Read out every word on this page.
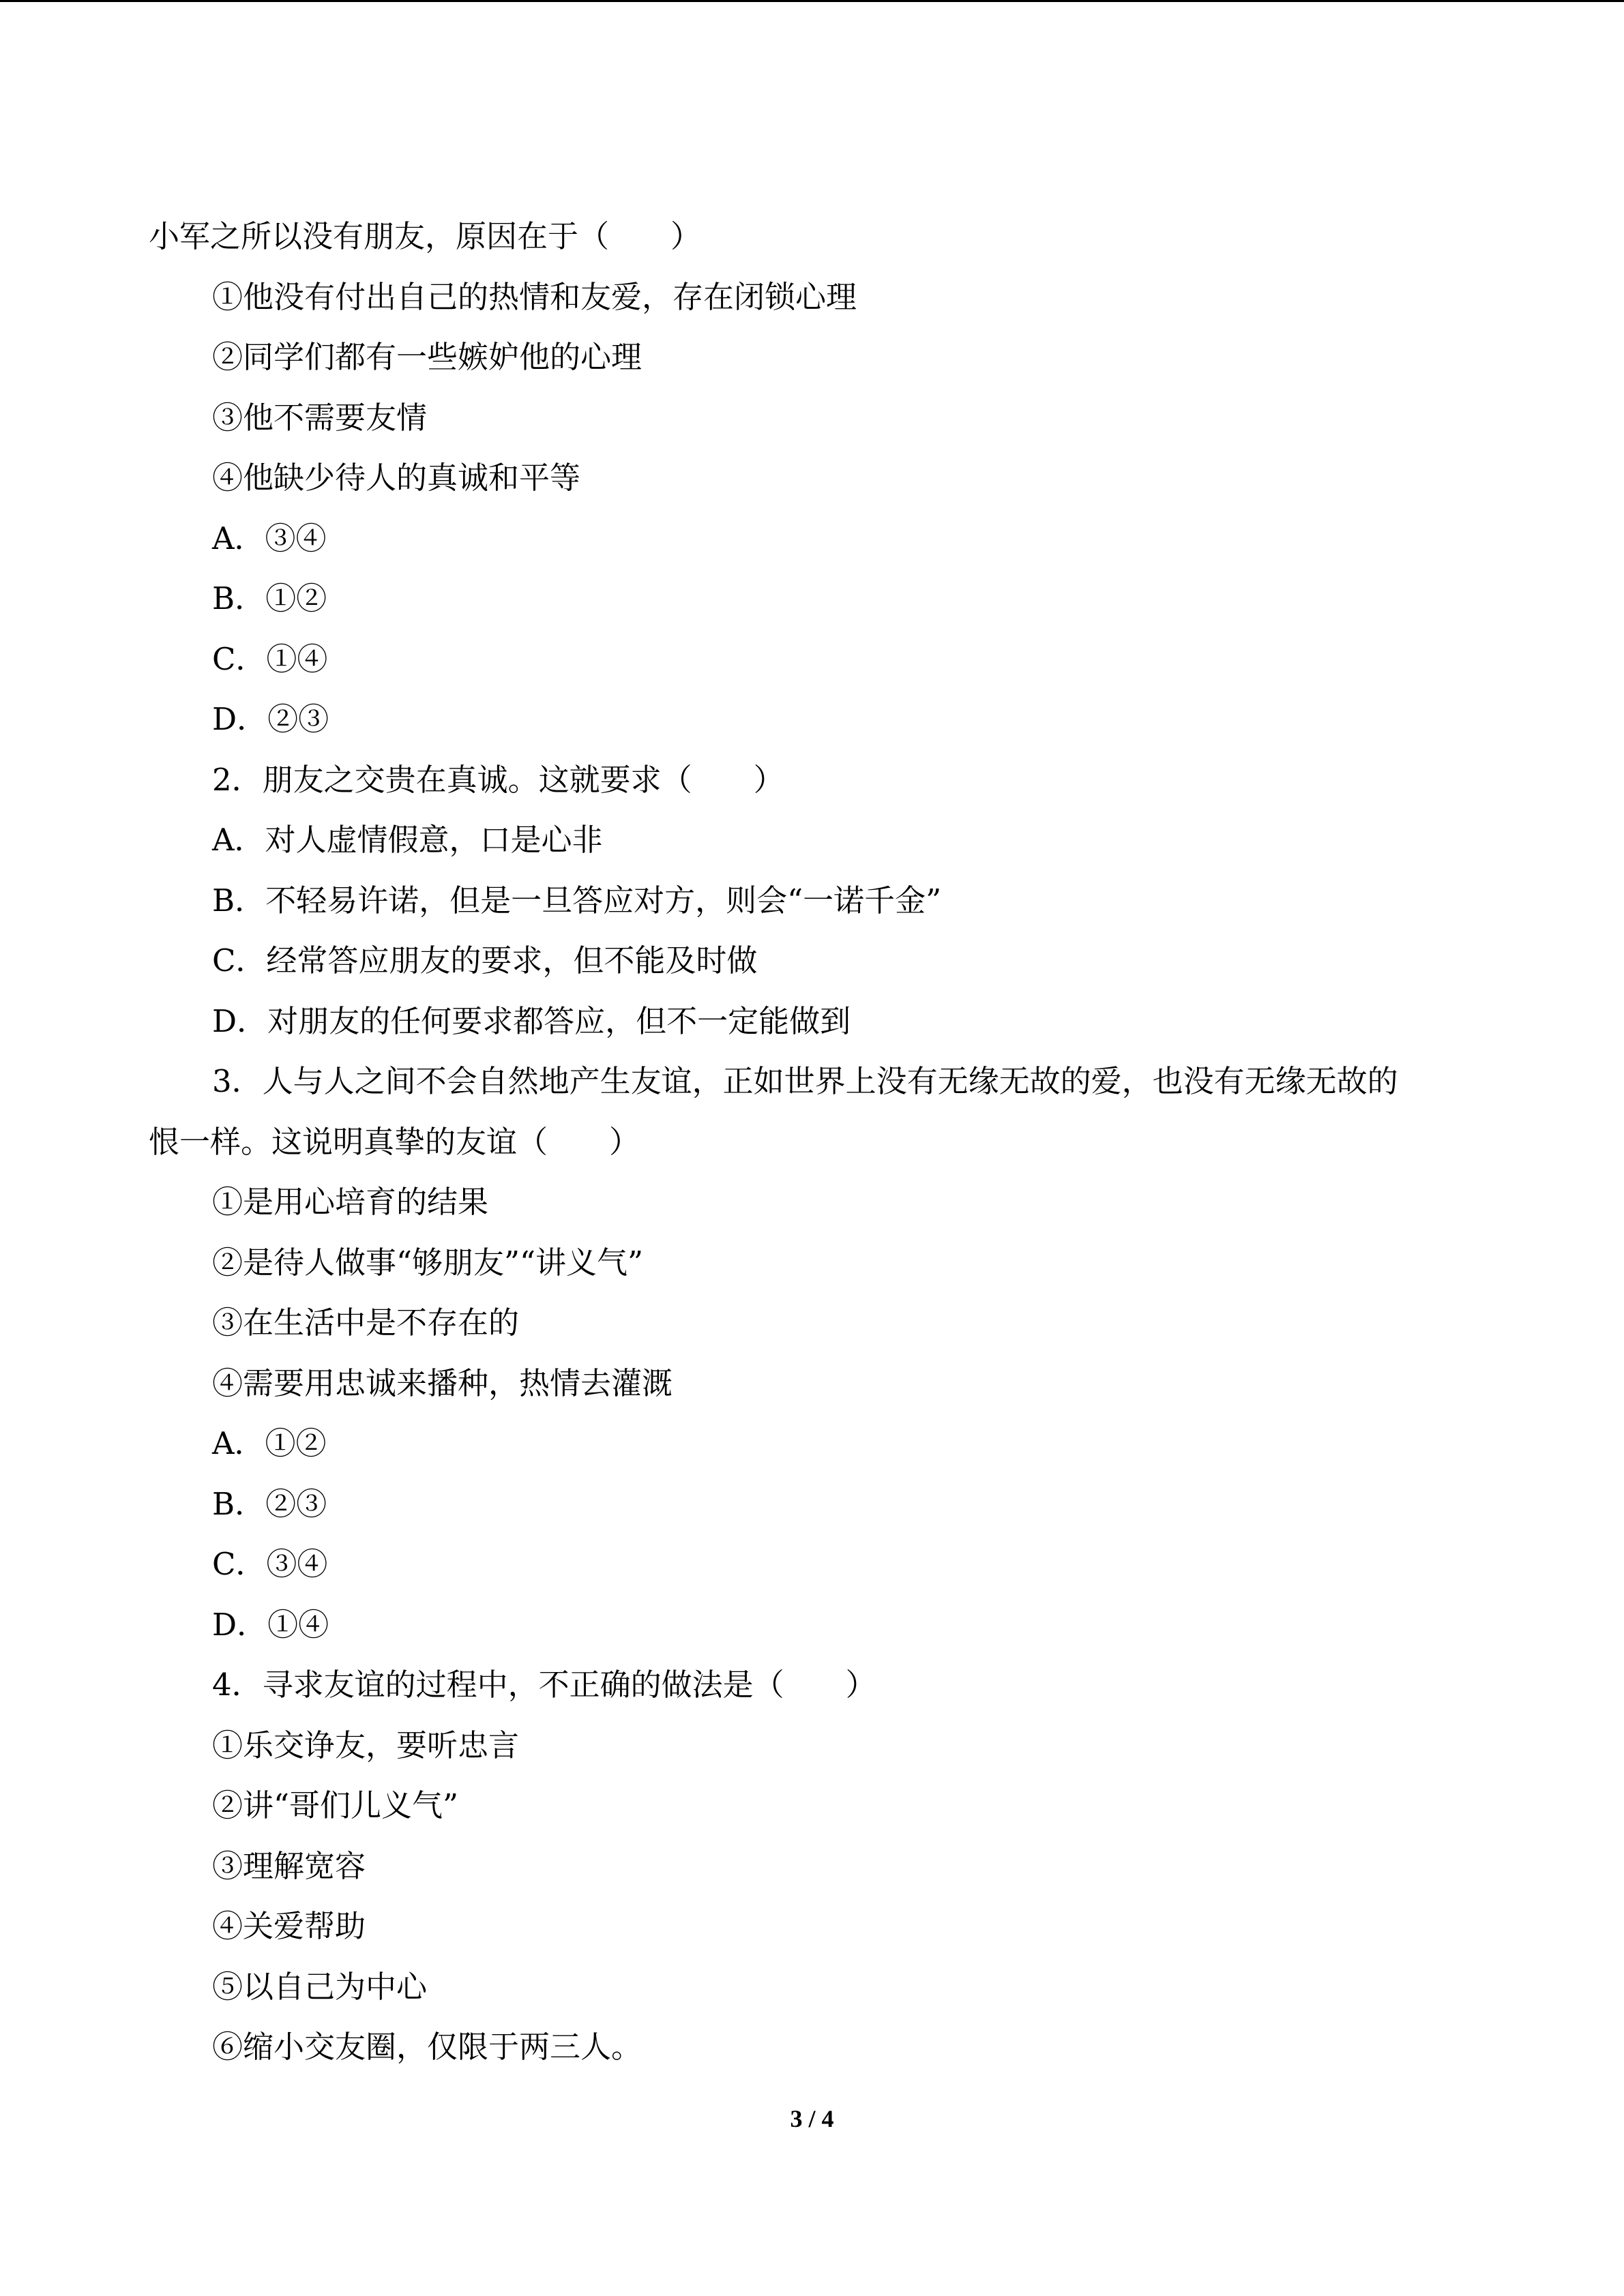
小军之所以没有朋友，原因在于（　　）
①他没有付出自己的热情和友爱，存在闭锁心理
②同学们都有一些嫉妒他的心理
③他不需要友情
④他缺少待人的真诚和平等
A．③④
B．①②
C．①④
D．②③
2．朋友之交贵在真诚。这就要求（　　）
A．对人虚情假意，口是心非
B．不轻易许诺，但是一旦答应对方，则会“一诺千金”
C．经常答应朋友的要求，但不能及时做
D．对朋友的任何要求都答应，但不一定能做到
3．人与人之间不会自然地产生友谊，正如世界上没有无缘无故的爱，也没有无缘无故的
恨一样。这说明真挚的友谊（　　）
①是用心培育的结果
②是待人做事“够朋友”“讲义气”
③在生活中是不存在的
④需要用忠诚来播种，热情去灌溉
A．①②
B．②③
C．③④
D．①④
4．寻求友谊的过程中，不正确的做法是（　　）
①乐交诤友，要听忠言
②讲“哥们儿义气”
③理解宽容
④关爱帮助
⑤以自己为中心
⑥缩小交友圈，仅限于两三人。
3 / 4
